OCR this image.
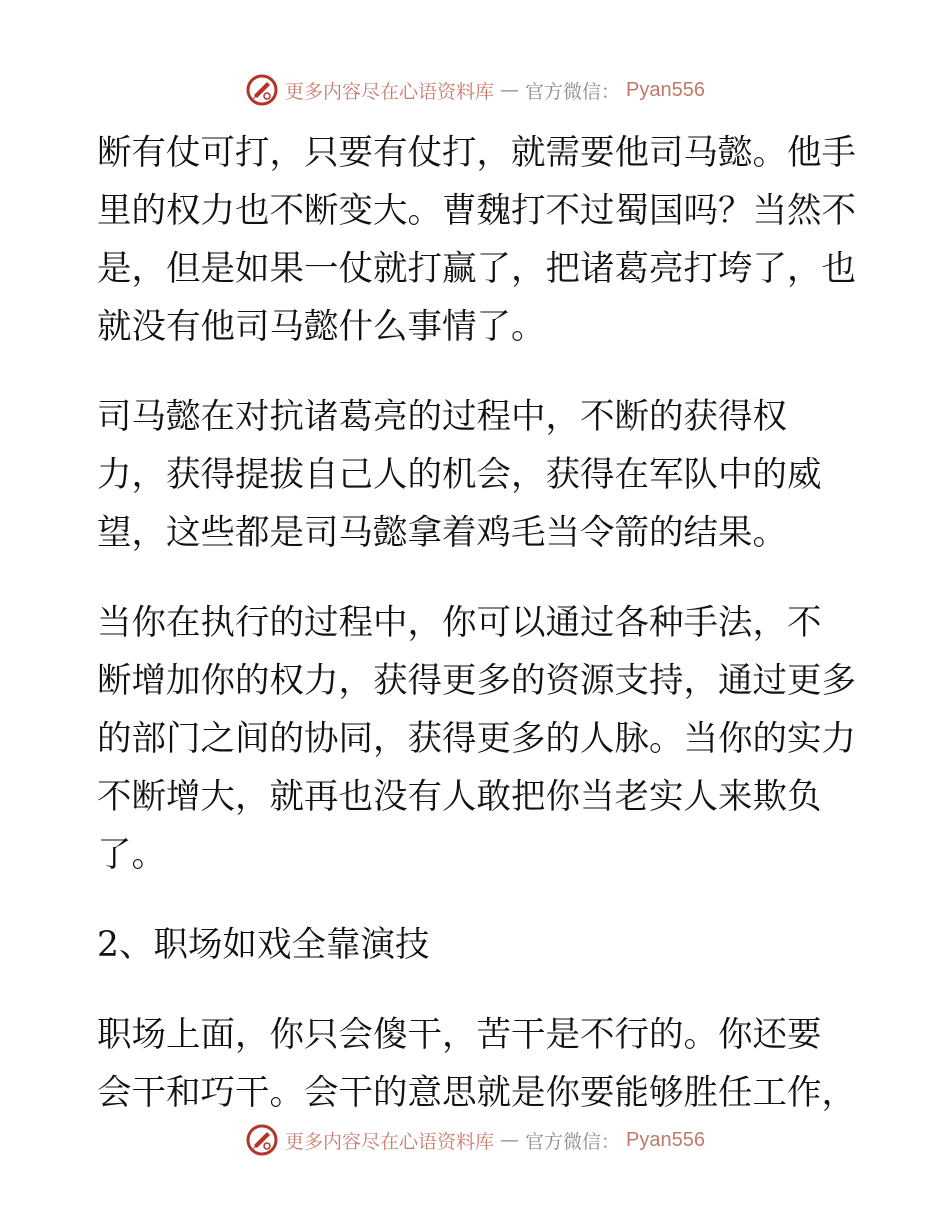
更多内容尽在心语资料库 — 官方微信： Pyan556
断有仗可打，只要有仗打，就需要他司马懿。他手
里的权力也不断变大。曹魏打不过蜀国吗？当然不
是，但是如果一仗就打赢了，把诸葛亮打垮了，也
就没有他司马懿什么事情了。
司马懿在对抗诸葛亮的过程中，不断的获得权
力，获得提拔自己人的机会，获得在军队中的威
望，这些都是司马懿拿着鸡毛当令箭的结果。
当你在执行的过程中，你可以通过各种手法，不
断增加你的权力，获得更多的资源支持，通过更多
的部门之间的协同，获得更多的人脉。当你的实力
不断增大，就再也没有人敢把你当老实人来欺负
了。
2、职场如戏全靠演技
职场上面，你只会傻干，苦干是不行的。你还要
会干和巧干。会干的意思就是你要能够胜任工作，
更多内容尽在心语资料库 — 官方微信： Pyan556
